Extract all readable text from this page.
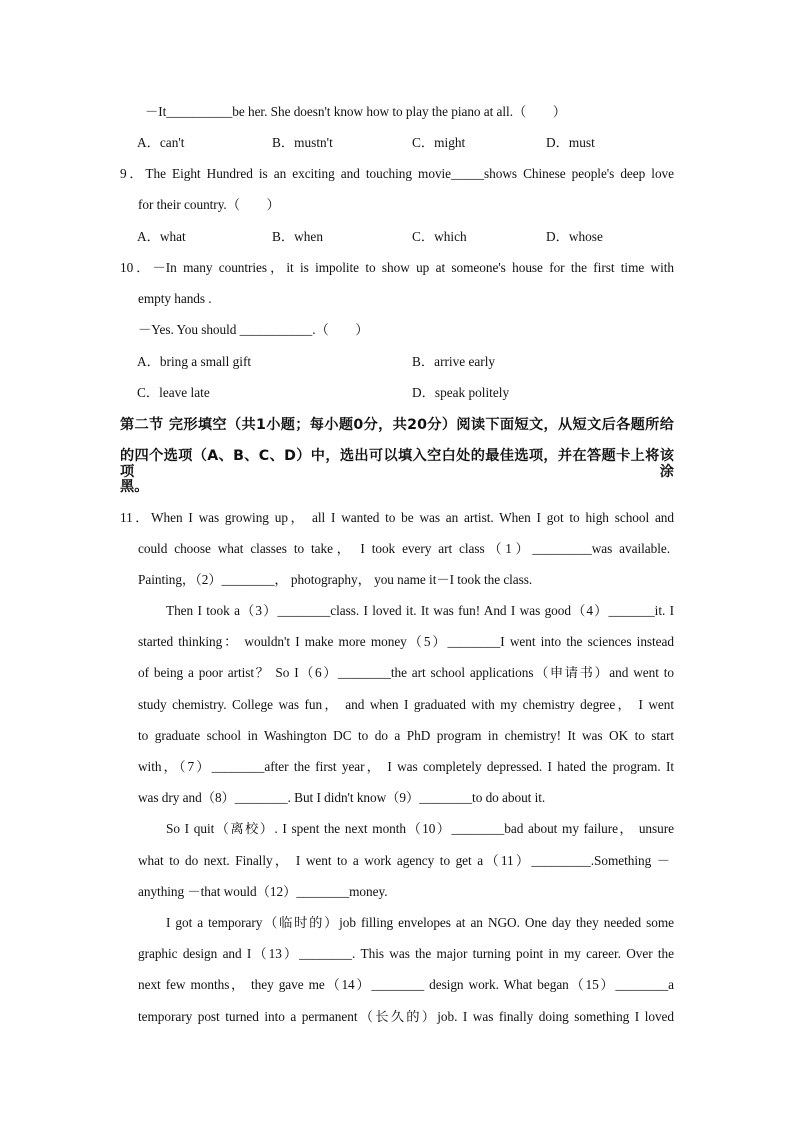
－It__________be her. She doesn't know how to play the piano at all.（　　）
A．can't	B．mustn't	C．might	D．must
9．The Eight Hundred is an exciting and touching movie_____shows Chinese people's deep love
for their country.（　　）
A．what	B．when	C．which	D．whose
10．－In many countries，it is impolite to show up at someone's house for the first time with
empty hands .
－Yes. You should ___________.（　　）
A．bring a small gift	B．arrive early
C．leave late	D．speak politely
第二节 完形填空（共1小题；每小题0分，共20分）阅读下面短文，从短文后各题所给
的四个选项（A、B、C、D）中，选出可以填入空白处的最佳选项，并在答题卡上将该项涂
黑。
11．When I was growing up， all I wanted to be was an artist. When I got to high school and
could choose what classes to take， I took every art class（1）_________was available.
Painting，（2）________， photography， you name it－I took the class.
Then I took a（3）________class. I loved it. It was fun! And I was good（4）_______it. I
started thinking： wouldn't I make more money（5）________I went into the sciences instead
of being a poor artist？ So I（6）________the art school applications（申请书）and went to
study chemistry. College was fun， and when I graduated with my chemistry degree， I went
to graduate school in Washington DC to do a PhD program in chemistry! It was OK to start
with，（7）________after the first year， I was completely depressed. I hated the program. It
was dry and（8）________. But I didn't know（9）________to do about it.
So I quit（离校）. I spent the next month（10）________bad about my failure， unsure
what to do next. Finally， I went to a work agency to get a（11）_________.Something －
anything －that would（12）________money.
I got a temporary（临时的）job filling envelopes at an NGO. One day they needed some
graphic design and I（13）________. This was the major turning point in my career. Over the
next few months， they gave me（14）________ design work. What began（15）________a
temporary post turned into a permanent（长久的）job. I was finally doing something I loved
